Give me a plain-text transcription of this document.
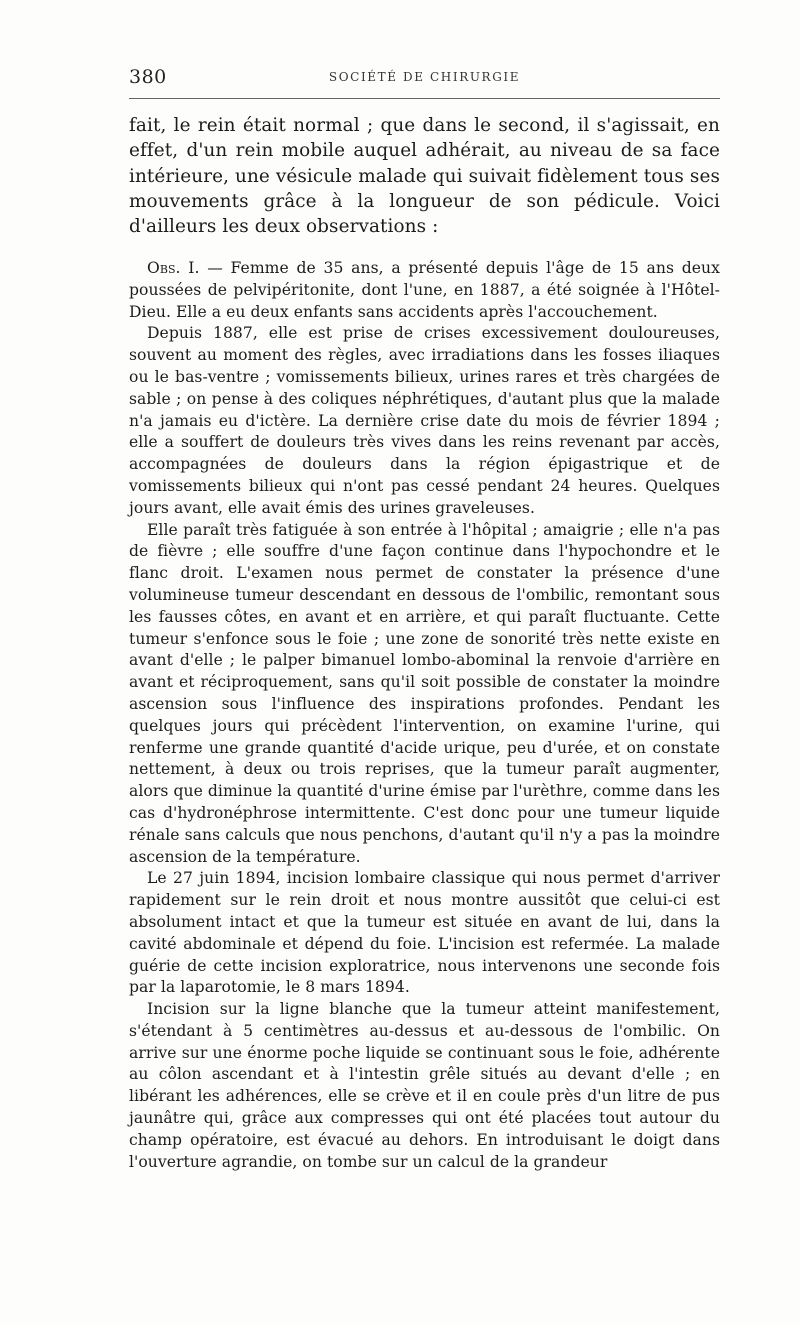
380	SOCIÉTÉ DE CHIRURGIE

fait, le rein était normal ; que dans le second, il s'agissait, en effet, d'un rein mobile auquel adhérait, au niveau de sa face intérieure, une vésicule malade qui suivait fidèlement tous ses mouvements grâce à la longueur de son pédicule. Voici d'ailleurs les deux observations :

Obs. I. — Femme de 35 ans, a présenté depuis l'âge de 15 ans deux poussées de pelvipéritonite, dont l'une, en 1887, a été soignée à l'Hôtel-Dieu. Elle a eu deux enfants sans accidents après l'accouchement.

Depuis 1887, elle est prise de crises excessivement douloureuses, souvent au moment des règles, avec irradiations dans les fosses iliaques ou le bas-ventre ; vomissements bilieux, urines rares et très chargées de sable ; on pense à des coliques néphrétiques, d'autant plus que la malade n'a jamais eu d'ictère. La dernière crise date du mois de février 1894 ; elle a souffert de douleurs très vives dans les reins revenant par accès, accompagnées de douleurs dans la région épigastrique et de vomissements bilieux qui n'ont pas cessé pendant 24 heures. Quelques jours avant, elle avait émis des urines graveleuses.

Elle paraît très fatiguée à son entrée à l'hôpital ; amaigrie ; elle n'a pas de fièvre ; elle souffre d'une façon continue dans l'hypochondre et le flanc droit. L'examen nous permet de constater la présence d'une volumineuse tumeur descendant en dessous de l'ombilic, remontant sous les fausses côtes, en avant et en arrière, et qui paraît fluctuante. Cette tumeur s'enfonce sous le foie ; une zone de sonorité très nette existe en avant d'elle ; le palper bimanuel lombo-abominal la renvoie d'arrière en avant et réciproquement, sans qu'il soit possible de constater la moindre ascension sous l'influence des inspirations profondes. Pendant les quelques jours qui précèdent l'intervention, on examine l'urine, qui renferme une grande quantité d'acide urique, peu d'urée, et on constate nettement, à deux ou trois reprises, que la tumeur paraît augmenter, alors que diminue la quantité d'urine émise par l'urèthre, comme dans les cas d'hydronéphrose intermittente. C'est donc pour une tumeur liquide rénale sans calculs que nous penchons, d'autant qu'il n'y a pas la moindre ascension de la température.

Le 27 juin 1894, incision lombaire classique qui nous permet d'arriver rapidement sur le rein droit et nous montre aussitôt que celui-ci est absolument intact et que la tumeur est située en avant de lui, dans la cavité abdominale et dépend du foie. L'incision est refermée. La malade guérie de cette incision exploratrice, nous intervenons une seconde fois par la laparotomie, le 8 mars 1894.

Incision sur la ligne blanche que la tumeur atteint manifestement, s'étendant à 5 centimètres au-dessus et au-dessous de l'ombilic. On arrive sur une énorme poche liquide se continuant sous le foie, adhérente au côlon ascendant et à l'intestin grêle situés au devant d'elle ; en libérant les adhérences, elle se crève et il en coule près d'un litre de pus jaunâtre qui, grâce aux compresses qui ont été placées tout autour du champ opératoire, est évacué au dehors. En introduisant le doigt dans l'ouverture agrandie, on tombe sur un calcul de la grandeur
